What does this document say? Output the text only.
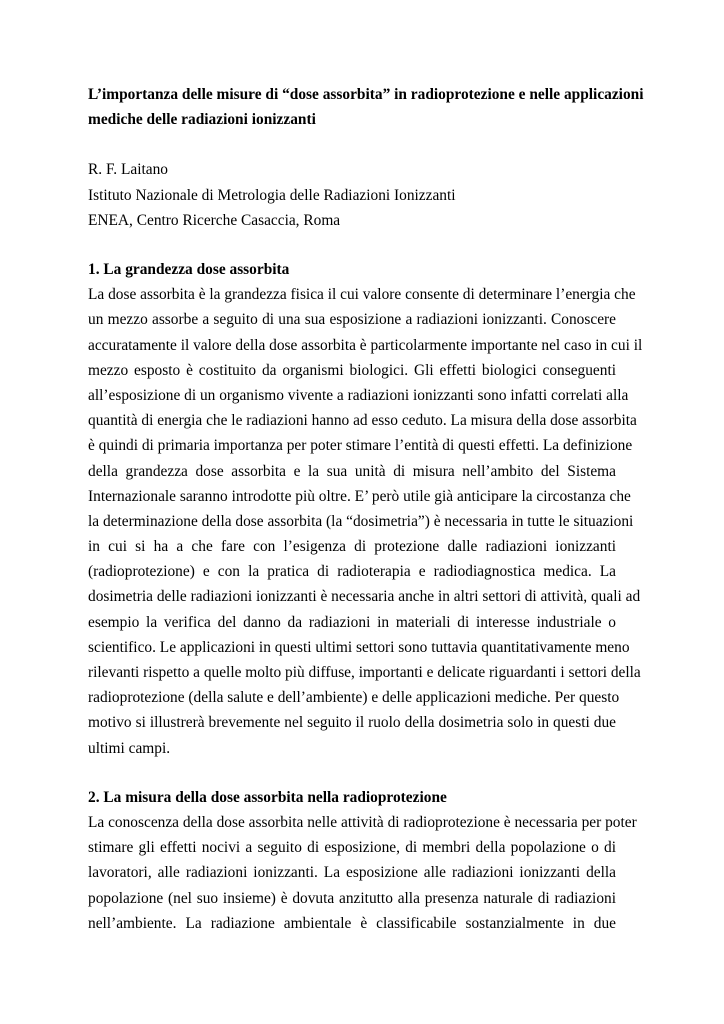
L’importanza delle misure di “dose assorbita” in radioprotezione e nelle applicazioni
mediche delle radiazioni ionizzanti
R. F. Laitano
Istituto Nazionale di Metrologia delle Radiazioni Ionizzanti
ENEA, Centro Ricerche Casaccia, Roma
1. La grandezza dose assorbita
La dose assorbita è la grandezza fisica il cui valore consente di determinare l’energia che
un mezzo assorbe a seguito di una sua esposizione a radiazioni ionizzanti. Conoscere
accuratamente il valore della dose assorbita è particolarmente importante nel caso in cui il
mezzo esposto è costituito da organismi biologici. Gli effetti biologici conseguenti
all’esposizione di un organismo vivente a radiazioni ionizzanti sono infatti correlati alla
quantità di energia che le radiazioni hanno ad esso ceduto. La misura della dose assorbita
è quindi di primaria importanza per poter stimare l’entità di questi effetti. La definizione
della grandezza dose assorbita e la sua unità di misura nell’ambito del Sistema
Internazionale saranno introdotte più oltre. E’ però utile già anticipare la circostanza che
la determinazione della dose assorbita (la “dosimetria”) è necessaria in tutte le situazioni
in cui si ha a che fare con l’esigenza di protezione dalle radiazioni ionizzanti
(radioprotezione) e con la pratica di radioterapia e radiodiagnostica medica. La
dosimetria delle radiazioni ionizzanti è necessaria anche in altri settori di attività, quali ad
esempio la verifica del danno da radiazioni in materiali di interesse industriale o
scientifico. Le applicazioni in questi ultimi settori sono tuttavia quantitativamente meno
rilevanti rispetto a quelle molto più diffuse, importanti e delicate riguardanti i settori della
radioprotezione (della salute e dell’ambiente) e delle applicazioni mediche. Per questo
motivo si illustrerà brevemente nel seguito il ruolo della dosimetria solo in questi due
ultimi campi.
2. La misura della dose assorbita nella radioprotezione
La conoscenza della dose assorbita nelle attività di radioprotezione è necessaria per poter
stimare gli effetti nocivi a seguito di esposizione, di membri della popolazione o di
lavoratori, alle radiazioni ionizzanti. La esposizione alle radiazioni ionizzanti della
popolazione (nel suo insieme) è dovuta anzitutto alla presenza naturale di radiazioni
nell’ambiente. La radiazione ambientale è classificabile sostanzialmente in due
